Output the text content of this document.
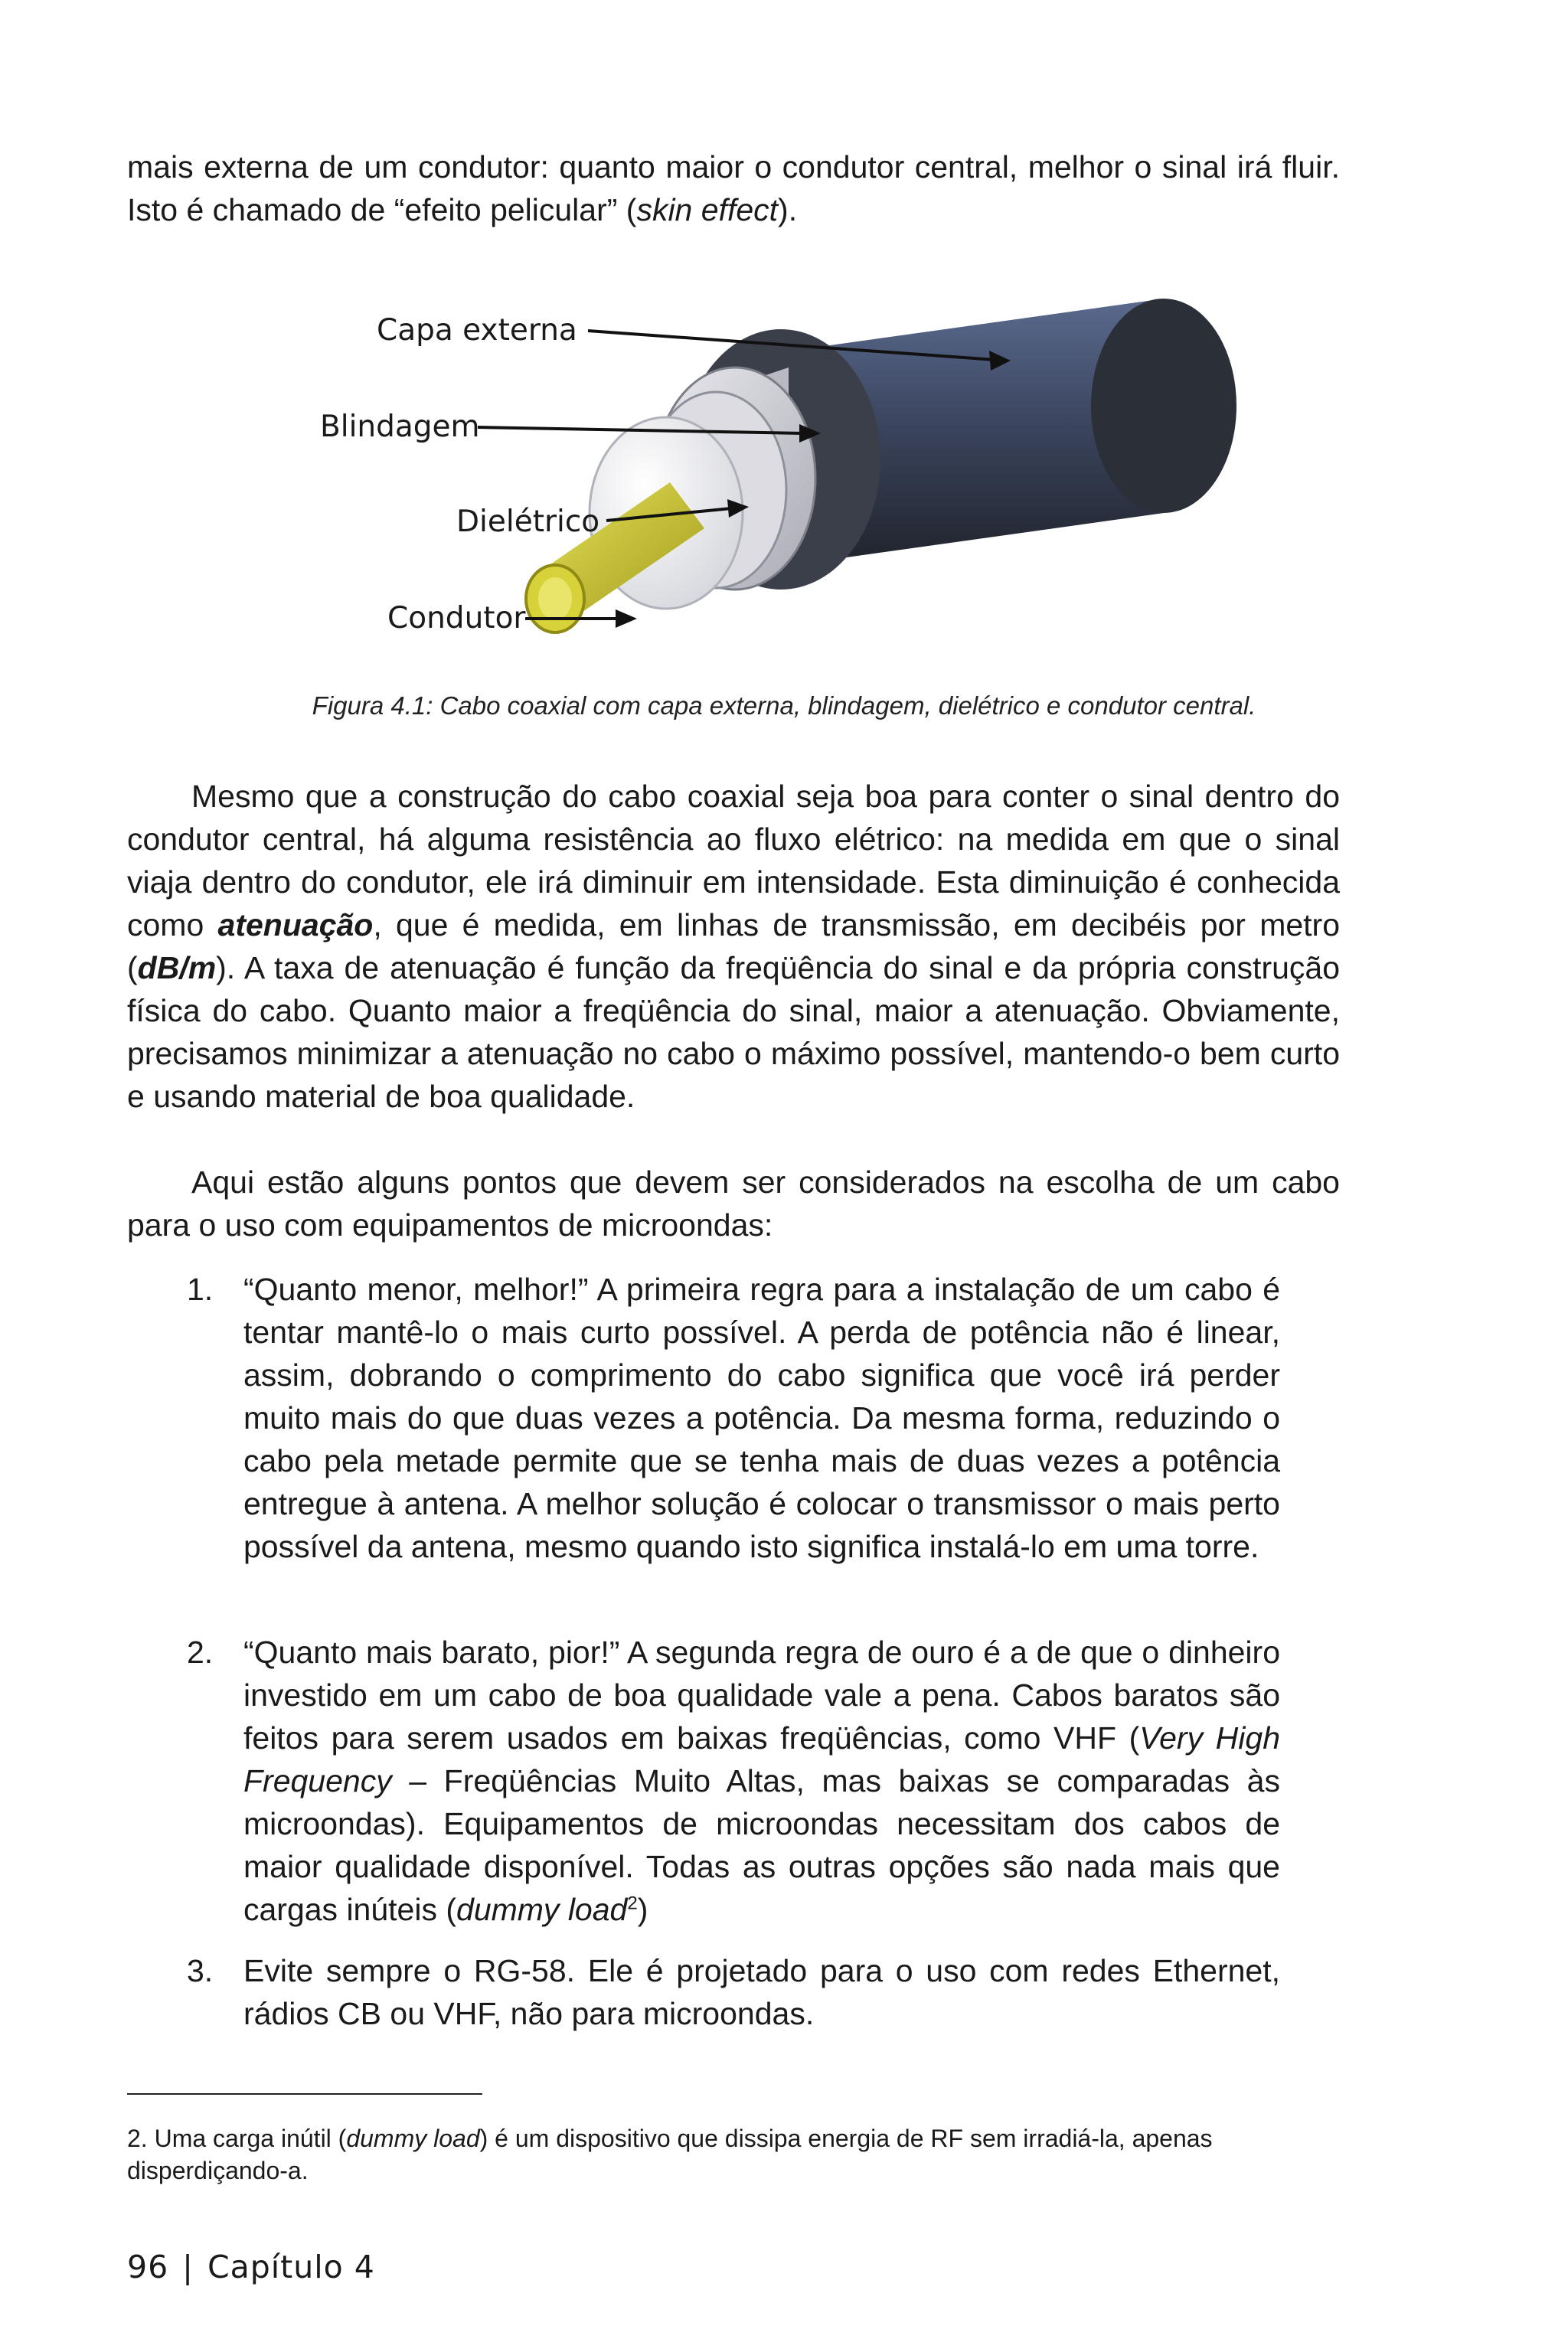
mais externa de um condutor: quanto maior o condutor central, melhor o sinal irá fluir. Isto é chamado de “efeito pelicular” (skin effect).

Capa externa
Blindagem
Dielétrico
Condutor
Figura 4.1: Cabo coaxial com capa externa, blindagem, dielétrico e condutor central.

Mesmo que a construção do cabo coaxial seja boa para conter o sinal dentro do condutor central, há alguma resistência ao fluxo elétrico: na medida em que o sinal viaja dentro do condutor, ele irá diminuir em intensidade. Esta diminuição é conhecida como atenuação, que é medida, em linhas de transmissão, em decibéis por metro (dB/m). A taxa de atenuação é função da freqüência do sinal e da própria construção física do cabo. Quanto maior a freqüência do sinal, maior a atenuação. Obviamente, precisamos minimizar a atenuação no cabo o máximo possível, mantendo-o bem curto e usando material de boa qualidade.

Aqui estão alguns pontos que devem ser considerados na escolha de um cabo para o uso com equipamentos de microondas:

1. “Quanto menor, melhor!” A primeira regra para a instalação de um cabo é tentar mantê-lo o mais curto possível. A perda de potência não é linear, assim, dobrando o comprimento do cabo significa que você irá perder muito mais do que duas vezes a potência. Da mesma forma, reduzindo o cabo pela metade permite que se tenha mais de duas vezes a potência entregue à antena. A melhor solução é colocar o transmissor o mais perto possível da antena, mesmo quando isto significa instalá-lo em uma torre.
2. “Quanto mais barato, pior!” A segunda regra de ouro é a de que o dinheiro investido em um cabo de boa qualidade vale a pena. Cabos baratos são feitos para serem usados em baixas freqüências, como VHF (Very High Frequency – Freqüências Muito Altas, mas baixas se comparadas às microondas). Equipamentos de microondas necessitam dos cabos de maior qualidade disponível. Todas as outras opções são nada mais que cargas inúteis (dummy load$^2$)
3. Evite sempre o RG-58. Ele é projetado para o uso com redes Ethernet, rádios CB ou VHF, não para microondas.
2. Uma carga inútil (dummy load) é um dispositivo que dissipa energia de RF sem irradiá-la, apenas disperdiçando-a.
96 | Capítulo 4
